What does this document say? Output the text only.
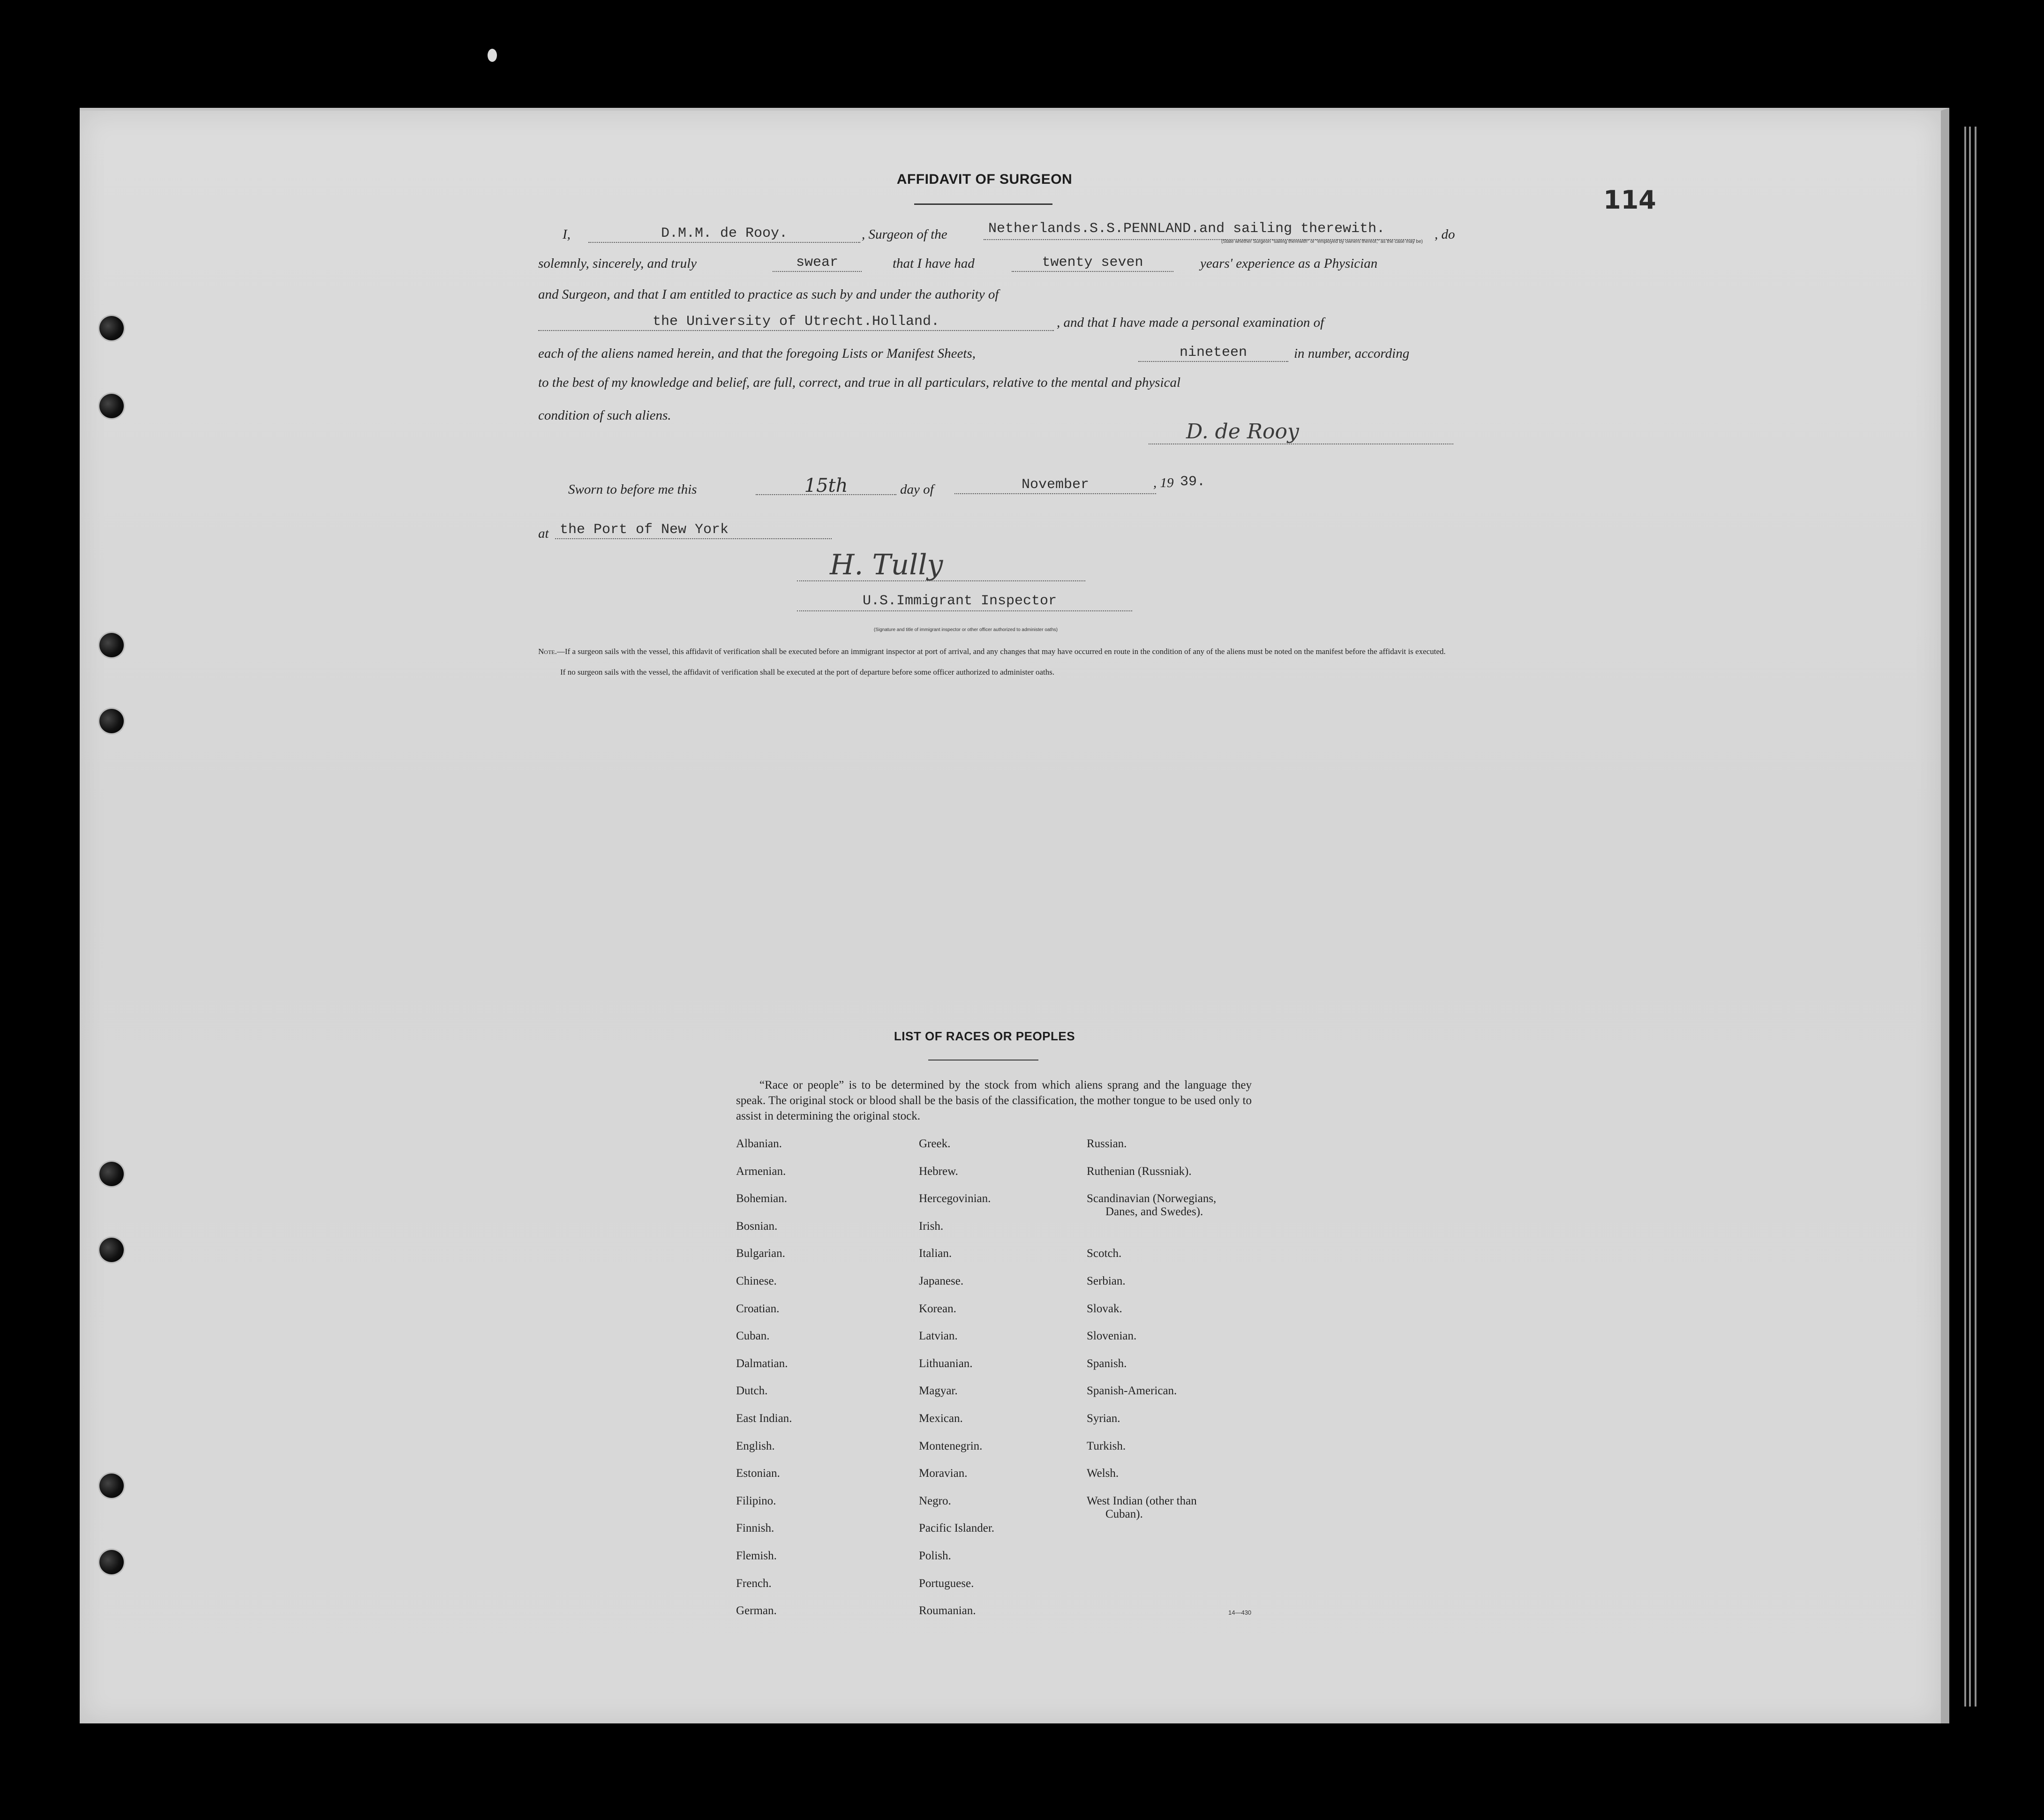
114
AFFIDAVIT OF SURGEON
I,	D.M.M. de Rooy.	, Surgeon of the	Netherlands.S.S.PENNLAND.and sailing therewith.
(State whether Surgeon "sailing therewith" or "employed by owners thereof," as the case may be) , do
solemnly, sincerely, and truly	swear	that I have had	twenty seven	years' experience as a Physician
and Surgeon, and that I am entitled to practice as such by and under the authority of
the University of Utrecht.Holland.	, and that I have made a personal examination of
each of the aliens named herein, and that the foregoing Lists or Manifest Sheets,	nineteen	in number, according
to the best of my knowledge and belief, are full, correct, and true in all particulars, relative to the mental and physical
condition of such aliens.
D. de Rooy
Sworn to before me this	15th	day of	November	, 19 39.
at the Port of New York
H. Tully
U.S.Immigrant Inspector
(Signature and title of immigrant inspector or other officer authorized to administer oaths)
Note.—If a surgeon sails with the vessel, this affidavit of verification shall be executed before an immigrant inspector at port of arrival, and any changes that may have occurred en route in the condition of any of the aliens must be noted on the manifest before the affidavit is executed.
If no surgeon sails with the vessel, the affidavit of verification shall be executed at the port of departure before some officer authorized to administer oaths.
LIST OF RACES OR PEOPLES
“Race or people” is to be determined by the stock from which aliens sprang and the language they speak. The original stock or blood shall be the basis of the classification, the mother tongue to be used only to assist in determining the original stock.
14—430
Albanian.
Armenian.
Bohemian.
Bosnian.
Bulgarian.
Chinese.
Croatian.
Cuban.
Dalmatian.
Dutch.
East Indian.
English.
Estonian.
Filipino.
Finnish.
Flemish.
French.
German.
Greek.
Hebrew.
Hercegovinian.
Irish.
Italian.
Japanese.
Korean.
Latvian.
Lithuanian.
Magyar.
Mexican.
Montenegrin.
Moravian.
Negro.
Pacific Islander.
Polish.
Portuguese.
Roumanian.
Russian.
Ruthenian (Russniak).
Scandinavian (Norwegians,
Danes, and Swedes).
Scotch.
Serbian.
Slovak.
Slovenian.
Spanish.
Spanish-American.
Syrian.
Turkish.
Welsh.
West Indian (other than
Cuban).
